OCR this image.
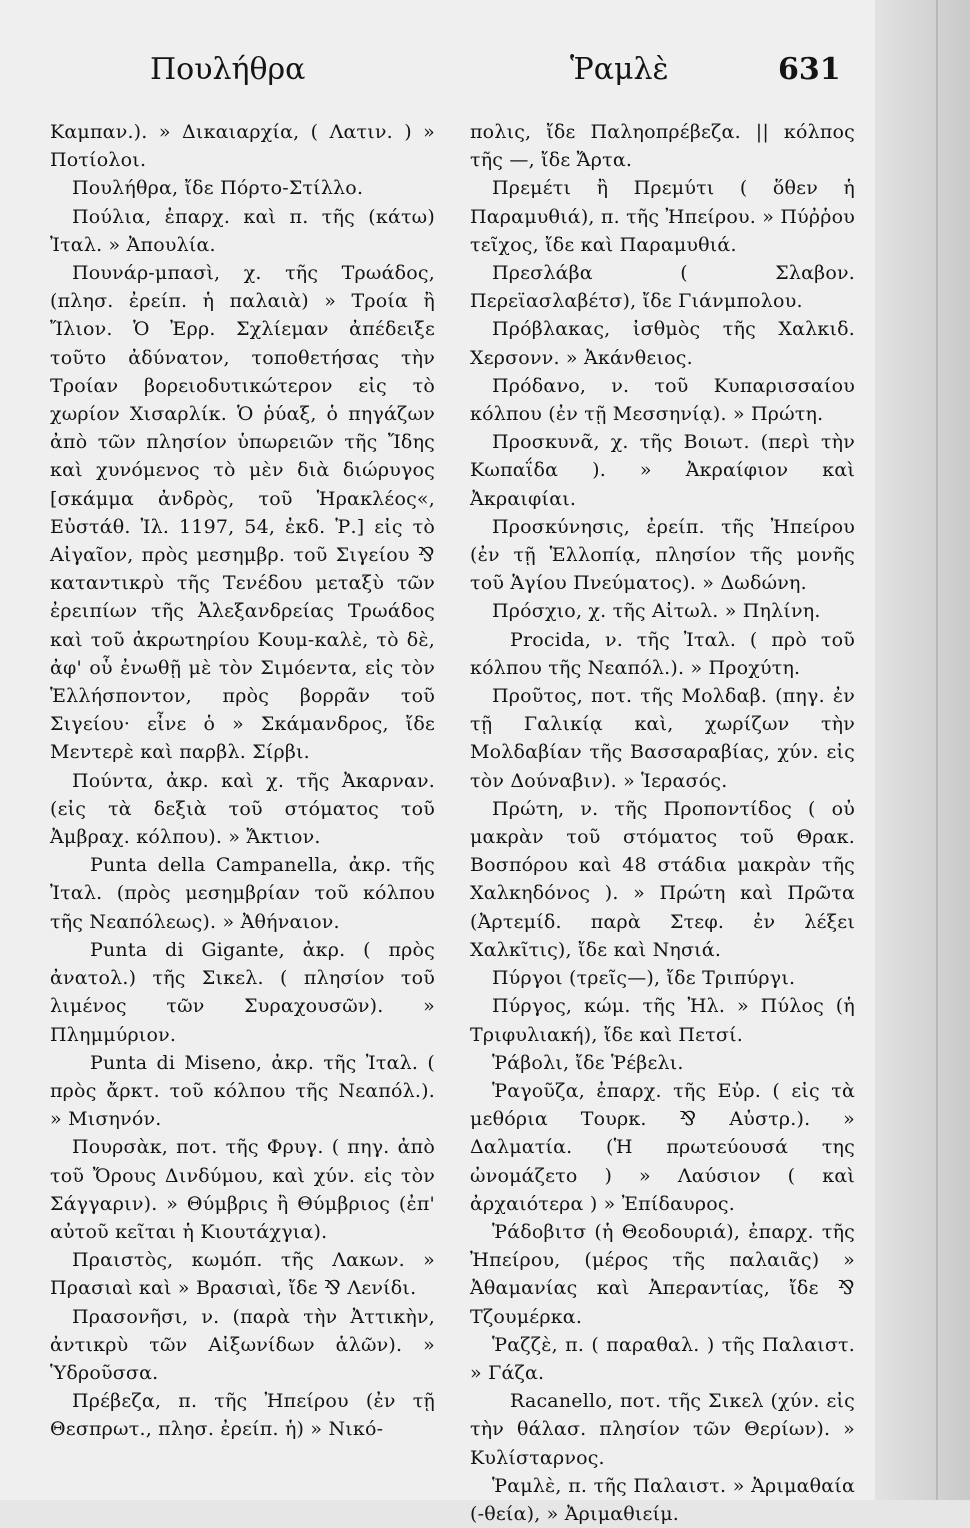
Πουλήθρα	Ῥαμλὲ	631

Καμπαν.). » Δικαιαρχία, ( Λατιν. ) » Ποτίολοι.

Πουλήθρα, ἴδε Πόρτο-Στίλλο.

Πούλια, ἐπαρχ. καὶ π. τῆς (κάτω) Ἰταλ. » Ἀπουλία.

Πουνάρ-μπασὶ, χ. τῆς Τρωάδος, (πλησ. ἐρείπ. ἡ παλαιὰ) » Τροία ἢ Ἴλιον. Ὁ Ἐρρ. Σχλίεμαν ἀπέδειξε τοῦτο ἀδύνατον, τοποθετήσας τὴν Τροίαν βορειοδυτικώτερον εἰς τὸ χωρίον Χισαρλίκ. Ὁ ῥύαξ, ὁ πηγάζων ἀπὸ τῶν πλησίον ὑπωρειῶν τῆς Ἴδης καὶ χυνόμενος τὸ μὲν διὰ διώρυγος [σκάμμα ἀνδρὸς, τοῦ Ἡρακλέος«, Εὐστάθ. Ἰλ. 1197, 54, ἐκδ. Ῥ.] εἰς τὸ Αἰγαῖον, πρὸς μεσημβρ. τοῦ Σιγείου ⅋ καταντικρὺ τῆς Τενέδου μεταξὺ τῶν ἐρειπίων τῆς Ἀλεξανδρείας Τρωάδος καὶ τοῦ ἀκρωτηρίου Κουμ-καλὲ, τὸ δὲ, ἀφ' οὗ ἐνωθῇ μὲ τὸν Σιμόεντα, εἰς τὸν Ἑλλήσποντον, πρὸς βορρᾶν τοῦ Σιγείου· εἶνε ὁ » Σκάμανδρος, ἴδε Μεντερὲ καὶ παρβλ. Σίρβι.

Πούντα, ἀκρ. καὶ χ. τῆς Ἀκαρναν. (εἰς τὰ δεξιὰ τοῦ στόματος τοῦ Ἀμβραχ. κόλπου). » Ἄκτιον.

Punta della Campanella, ἀκρ. τῆς Ἰταλ. (πρὸς μεσημβρίαν τοῦ κόλπου τῆς Νεαπόλεως). » Ἀθήναιον.

Punta di Gigante, ἀκρ. ( πρὸς ἀνατολ.) τῆς Σικελ. ( πλησίον τοῦ λιμένος τῶν Συραχουσῶν). » Πλημμύριον.

Punta di Miseno, ἀκρ. τῆς Ἰταλ. ( πρὸς ἄρκτ. τοῦ κόλπου τῆς Νεαπόλ.). » Μισηνόν.

Πουρσὰκ, ποτ. τῆς Φρυγ. ( πηγ. ἀπὸ τοῦ Ὄρους Δινδύμου, καὶ χύν. εἰς τὸν Σάγγαριν). » Θύμβρις ἢ Θύμβριος (ἐπ' αὐτοῦ κεῖται ἡ Κιουτάχγια).

Πραιστὸς, κωμόπ. τῆς Λακων. » Πρασιαὶ καὶ » Βρασιαὶ, ἴδε ⅋ Λενίδι.

Πρασονῆσι, ν. (παρὰ τὴν Ἀττικὴν, ἀντικρὺ τῶν Αἰξωνίδων ἁλῶν). » Ὑδροῦσσα.

Πρέβεζα, π. τῆς Ἠπείρου (ἐν τῇ Θεσπρωτ., πλησ. ἐρείπ. ἡ) » Νικό-

πολις, ἴδε Παληοπρέβεζα. || κόλπος τῆς —, ἴδε Ἄρτα.

Πρεμέτι ἢ Πρεμύτι ( ὅθεν ἡ Παραμυθιά), π. τῆς Ἠπείρου. » Πύῤῥου τεῖχος, ἴδε καὶ Παραμυθιά.

Πρεσλάβα ( Σλαβον. Περεϊασλαβέτσ), ἴδε Γιάνμπολου.

Πρόβλακας, ἰσθμὸς τῆς Χαλκιδ. Χερσονν. » Ἀκάνθειος.

Πρόδανο, ν. τοῦ Κυπαρισσαίου κόλπου (ἐν τῇ Μεσσηνίᾳ). » Πρώτη.

Προσκυνᾶ, χ. τῆς Βοιωτ. (περὶ τὴν Κωπαΐδα ). » Ἀκραίφιον καὶ Ἀκραιφίαι.

Προσκύνησις, ἐρείπ. τῆς Ἠπείρου (ἐν τῇ Ἑλλοπίᾳ, πλησίον τῆς μονῆς τοῦ Ἁγίου Πνεύματος). » Δωδώνη.

Πρόσχιο, χ. τῆς Αἰτωλ. » Πηλίνη.

Procida, ν. τῆς Ἰταλ. ( πρὸ τοῦ κόλπου τῆς Νεαπόλ.). » Προχύτη.

Προῦτος, ποτ. τῆς Μολδαβ. (πηγ. ἐν τῇ Γαλικίᾳ καὶ, χωρίζων τὴν Μολδαβίαν τῆς Βασσαραβίας, χύν. εἰς τὸν Δούναβιν). » Ἱερασός.

Πρώτη, ν. τῆς Προποντίδος ( οὐ μακρὰν τοῦ στόματος τοῦ Θρακ. Βοσπόρου καὶ 48 στάδια μακρὰν τῆς Χαλκηδόνος ). » Πρώτη καὶ Πρῶτα (Ἀρτεμίδ. παρὰ Στεφ. ἐν λέξει Χαλκῖτις), ἴδε καὶ Νησιά.

Πύργοι (τρεῖς—), ἴδε Τριπύργι.

Πύργος, κώμ. τῆς Ἠλ. » Πύλος (ἡ Τριφυλιακή), ἴδε καὶ Πετσί.

Ῥάβολι, ἴδε Ῥέβελι.

Ῥαγοῦζα, ἐπαρχ. τῆς Εὐρ. ( εἰς τὰ μεθόρια Τουρκ. ⅋ Αὐστρ.). » Δαλματία. (Ἡ πρωτεύουσά της ὠνομάζετο ) » Λαύσιον ( καὶ ἀρχαιότερα ) » Ἐπίδαυρος.

Ῥάδοβιτσ (ἡ Θεοδουριά), ἐπαρχ. τῆς Ἠπείρου, (μέρος τῆς παλαιᾶς) » Ἀθαμανίας καὶ Ἀπεραντίας, ἴδε ⅋ Τζουμέρκα.

Ῥαζζὲ, π. ( παραθαλ. ) τῆς Παλαιστ. » Γάζα.

Racanello, ποτ. τῆς Σικελ (χύν. εἰς τὴν θάλασ. πλησίον τῶν Θερίων). » Κυλίσταρνος.

Ῥαμλὲ, π. τῆς Παλαιστ. » Ἀριμαθαία (-θεία), » Ἀριμαθιείμ.
